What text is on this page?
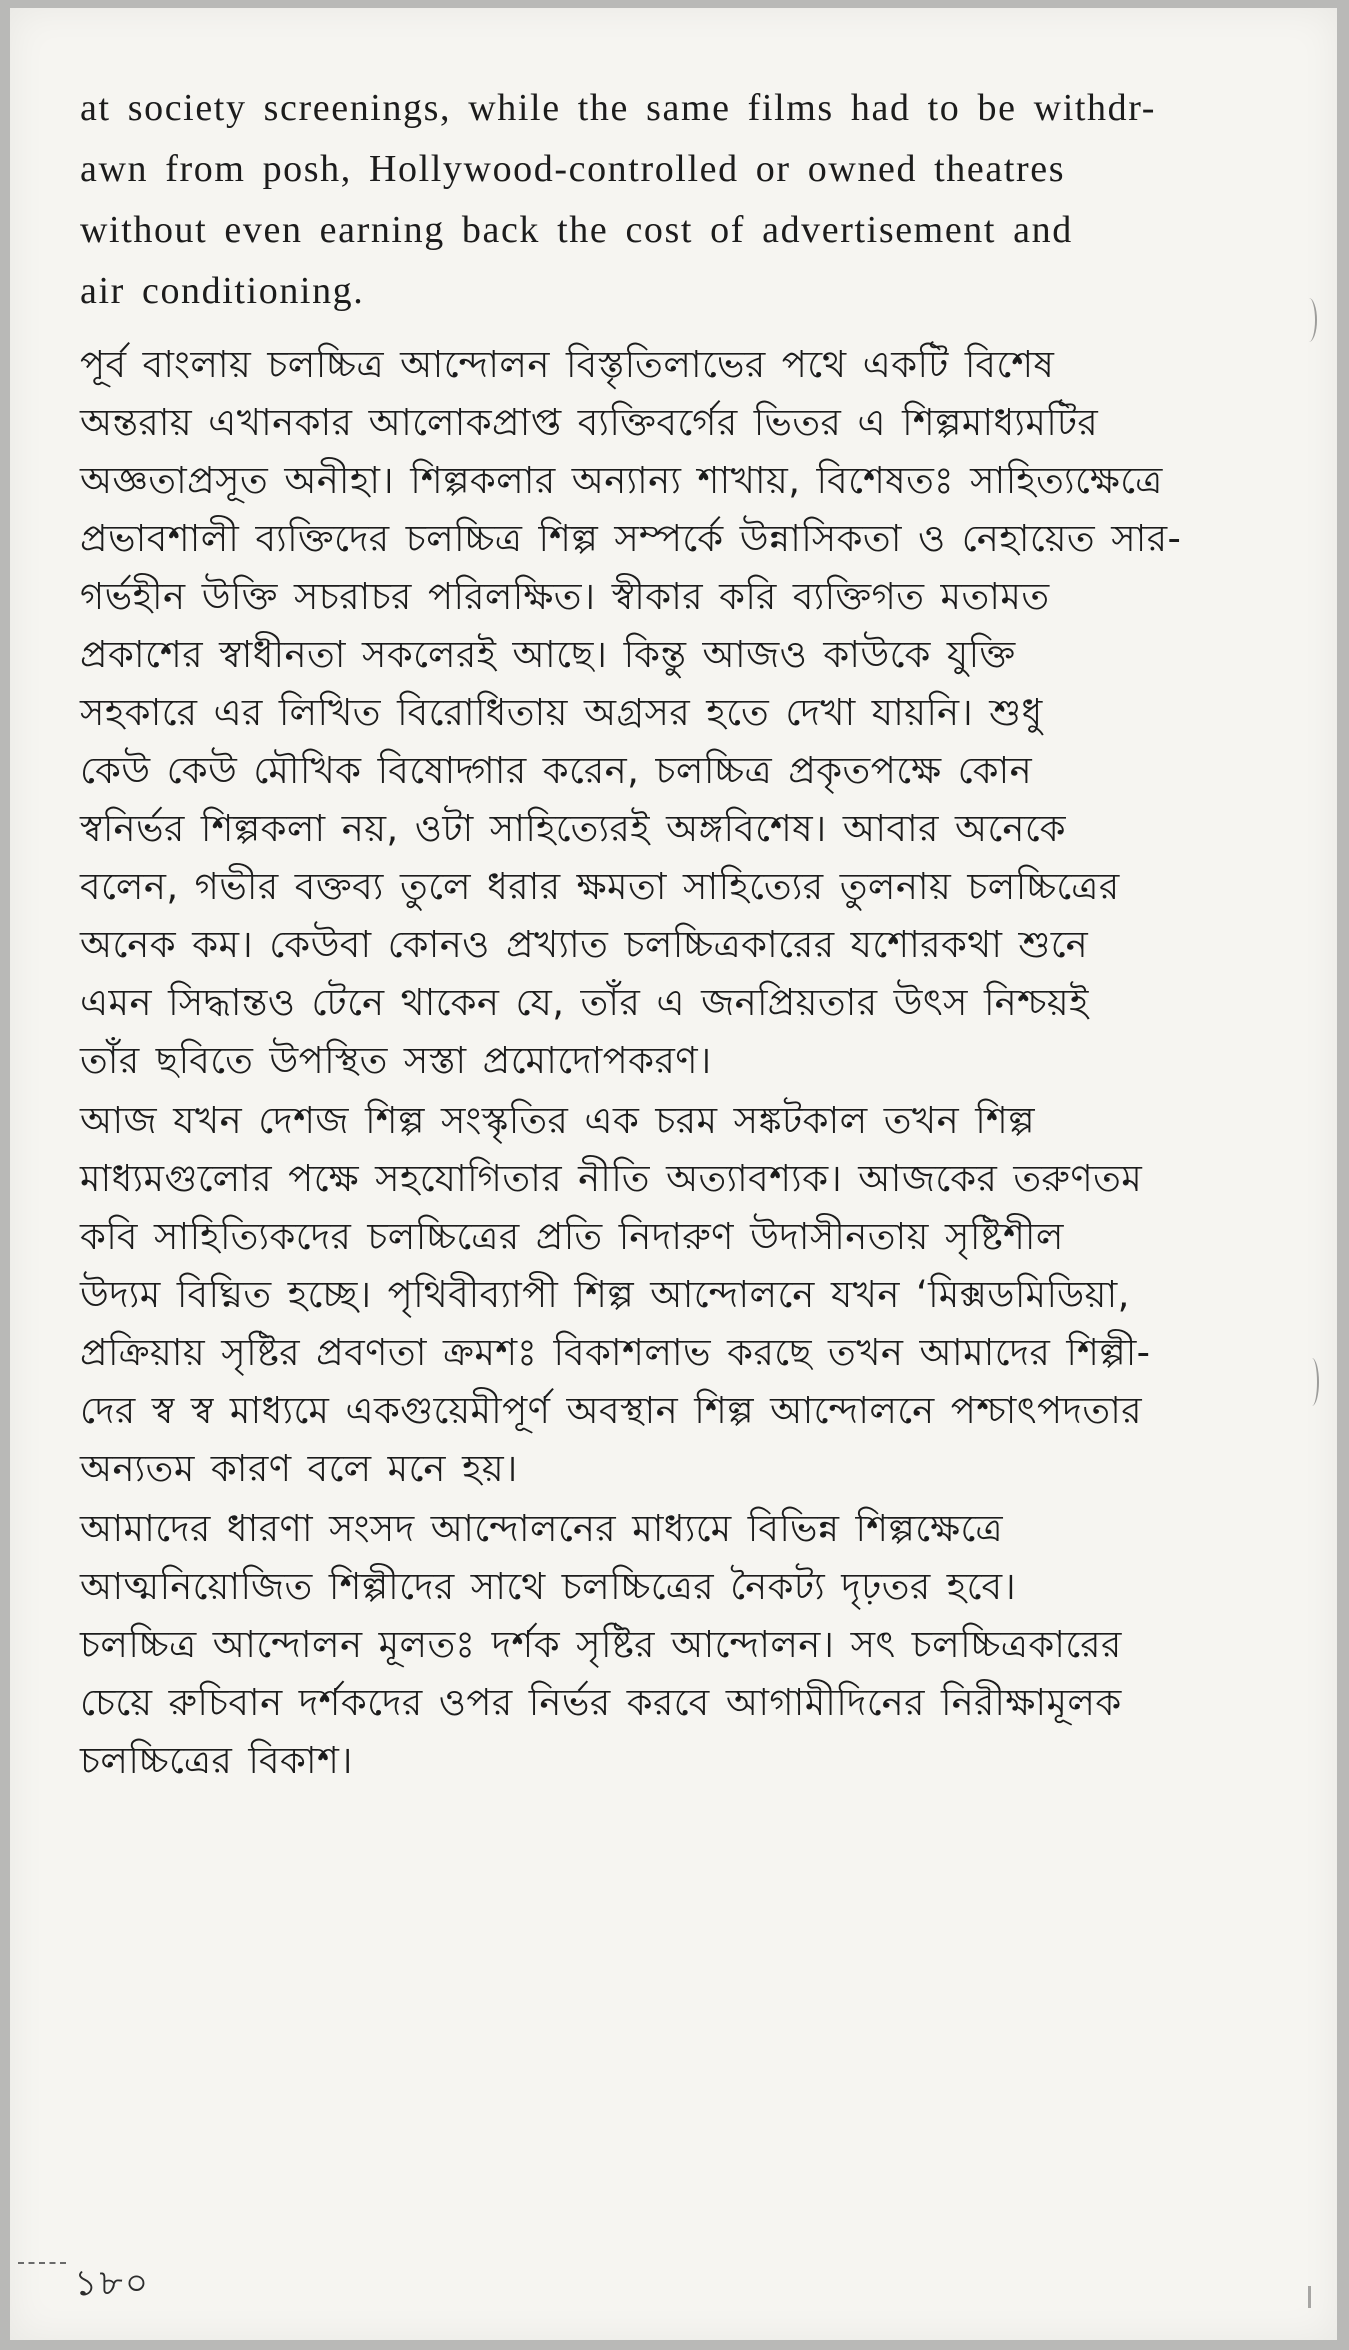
at society screenings, while the same films had to be withdr-
awn from posh, Hollywood-controlled or owned theatres
without even earning back the cost of advertisement and
air conditioning.
পূর্ব বাংলায় চলচ্চিত্র আন্দোলন বিস্তৃতিলাভের পথে একটি বিশেষ
অন্তরায় এখানকার আলোকপ্রাপ্ত ব্যক্তিবর্গের ভিতর এ শিল্পমাধ্যমটির
অজ্ঞতাপ্রসূত অনীহা। শিল্পকলার অন্যান্য শাখায়, বিশেষতঃ সাহিত্যক্ষেত্রে
প্রভাবশালী ব্যক্তিদের চলচ্চিত্র শিল্প সম্পর্কে উন্নাসিকতা ও নেহায়েত সার-
গর্ভহীন উক্তি সচরাচর পরিলক্ষিত। স্বীকার করি ব্যক্তিগত মতামত
প্রকাশের স্বাধীনতা সকলেরই আছে। কিন্তু আজও কাউকে যুক্তি
সহকারে এর লিখিত বিরোধিতায় অগ্রসর হতে দেখা যায়নি। শুধু
কেউ কেউ মৌখিক বিষোদ্গার করেন, চলচ্চিত্র প্রকৃতপক্ষে কোন
স্বনির্ভর শিল্পকলা নয়, ওটা সাহিত্যেরই অঙ্গবিশেষ। আবার অনেকে
বলেন, গভীর বক্তব্য তুলে ধরার ক্ষমতা সাহিত্যের তুলনায় চলচ্চিত্রের
অনেক কম। কেউবা কোনও প্রখ্যাত চলচ্চিত্রকারের যশোরকথা শুনে
এমন সিদ্ধান্তও টেনে থাকেন যে, তাঁর এ জনপ্রিয়তার উৎস নিশ্চয়ই
তাঁর ছবিতে উপস্থিত সস্তা প্রমোদোপকরণ।
আজ যখন দেশজ শিল্প সংস্কৃতির এক চরম সঙ্কটকাল তখন শিল্প
মাধ্যমগুলোর পক্ষে সহযোগিতার নীতি অত্যাবশ্যক। আজকের তরুণতম
কবি সাহিত্যিকদের চলচ্চিত্রের প্রতি নিদারুণ উদাসীনতায় সৃষ্টিশীল
উদ্যম বিঘ্নিত হচ্ছে। পৃথিবীব্যাপী শিল্প আন্দোলনে যখন ‘মিক্সডমিডিয়া,
প্রক্রিয়ায় সৃষ্টির প্রবণতা ক্রমশঃ বিকাশলাভ করছে তখন আমাদের শিল্পী-
দের স্ব স্ব মাধ্যমে একগুয়েমীপূর্ণ অবস্থান শিল্প আন্দোলনে পশ্চাৎপদতার
অন্যতম কারণ বলে মনে হয়।
আমাদের ধারণা সংসদ আন্দোলনের মাধ্যমে বিভিন্ন শিল্পক্ষেত্রে
আত্মনিয়োজিত শিল্পীদের সাথে চলচ্চিত্রের নৈকট্য দৃঢ়তর হবে।
চলচ্চিত্র আন্দোলন মূলতঃ দর্শক সৃষ্টির আন্দোলন। সৎ চলচ্চিত্রকারের
চেয়ে রুচিবান দর্শকদের ওপর নির্ভর করবে আগামীদিনের নিরীক্ষামূলক
চলচ্চিত্রের বিকাশ।
১৮০
